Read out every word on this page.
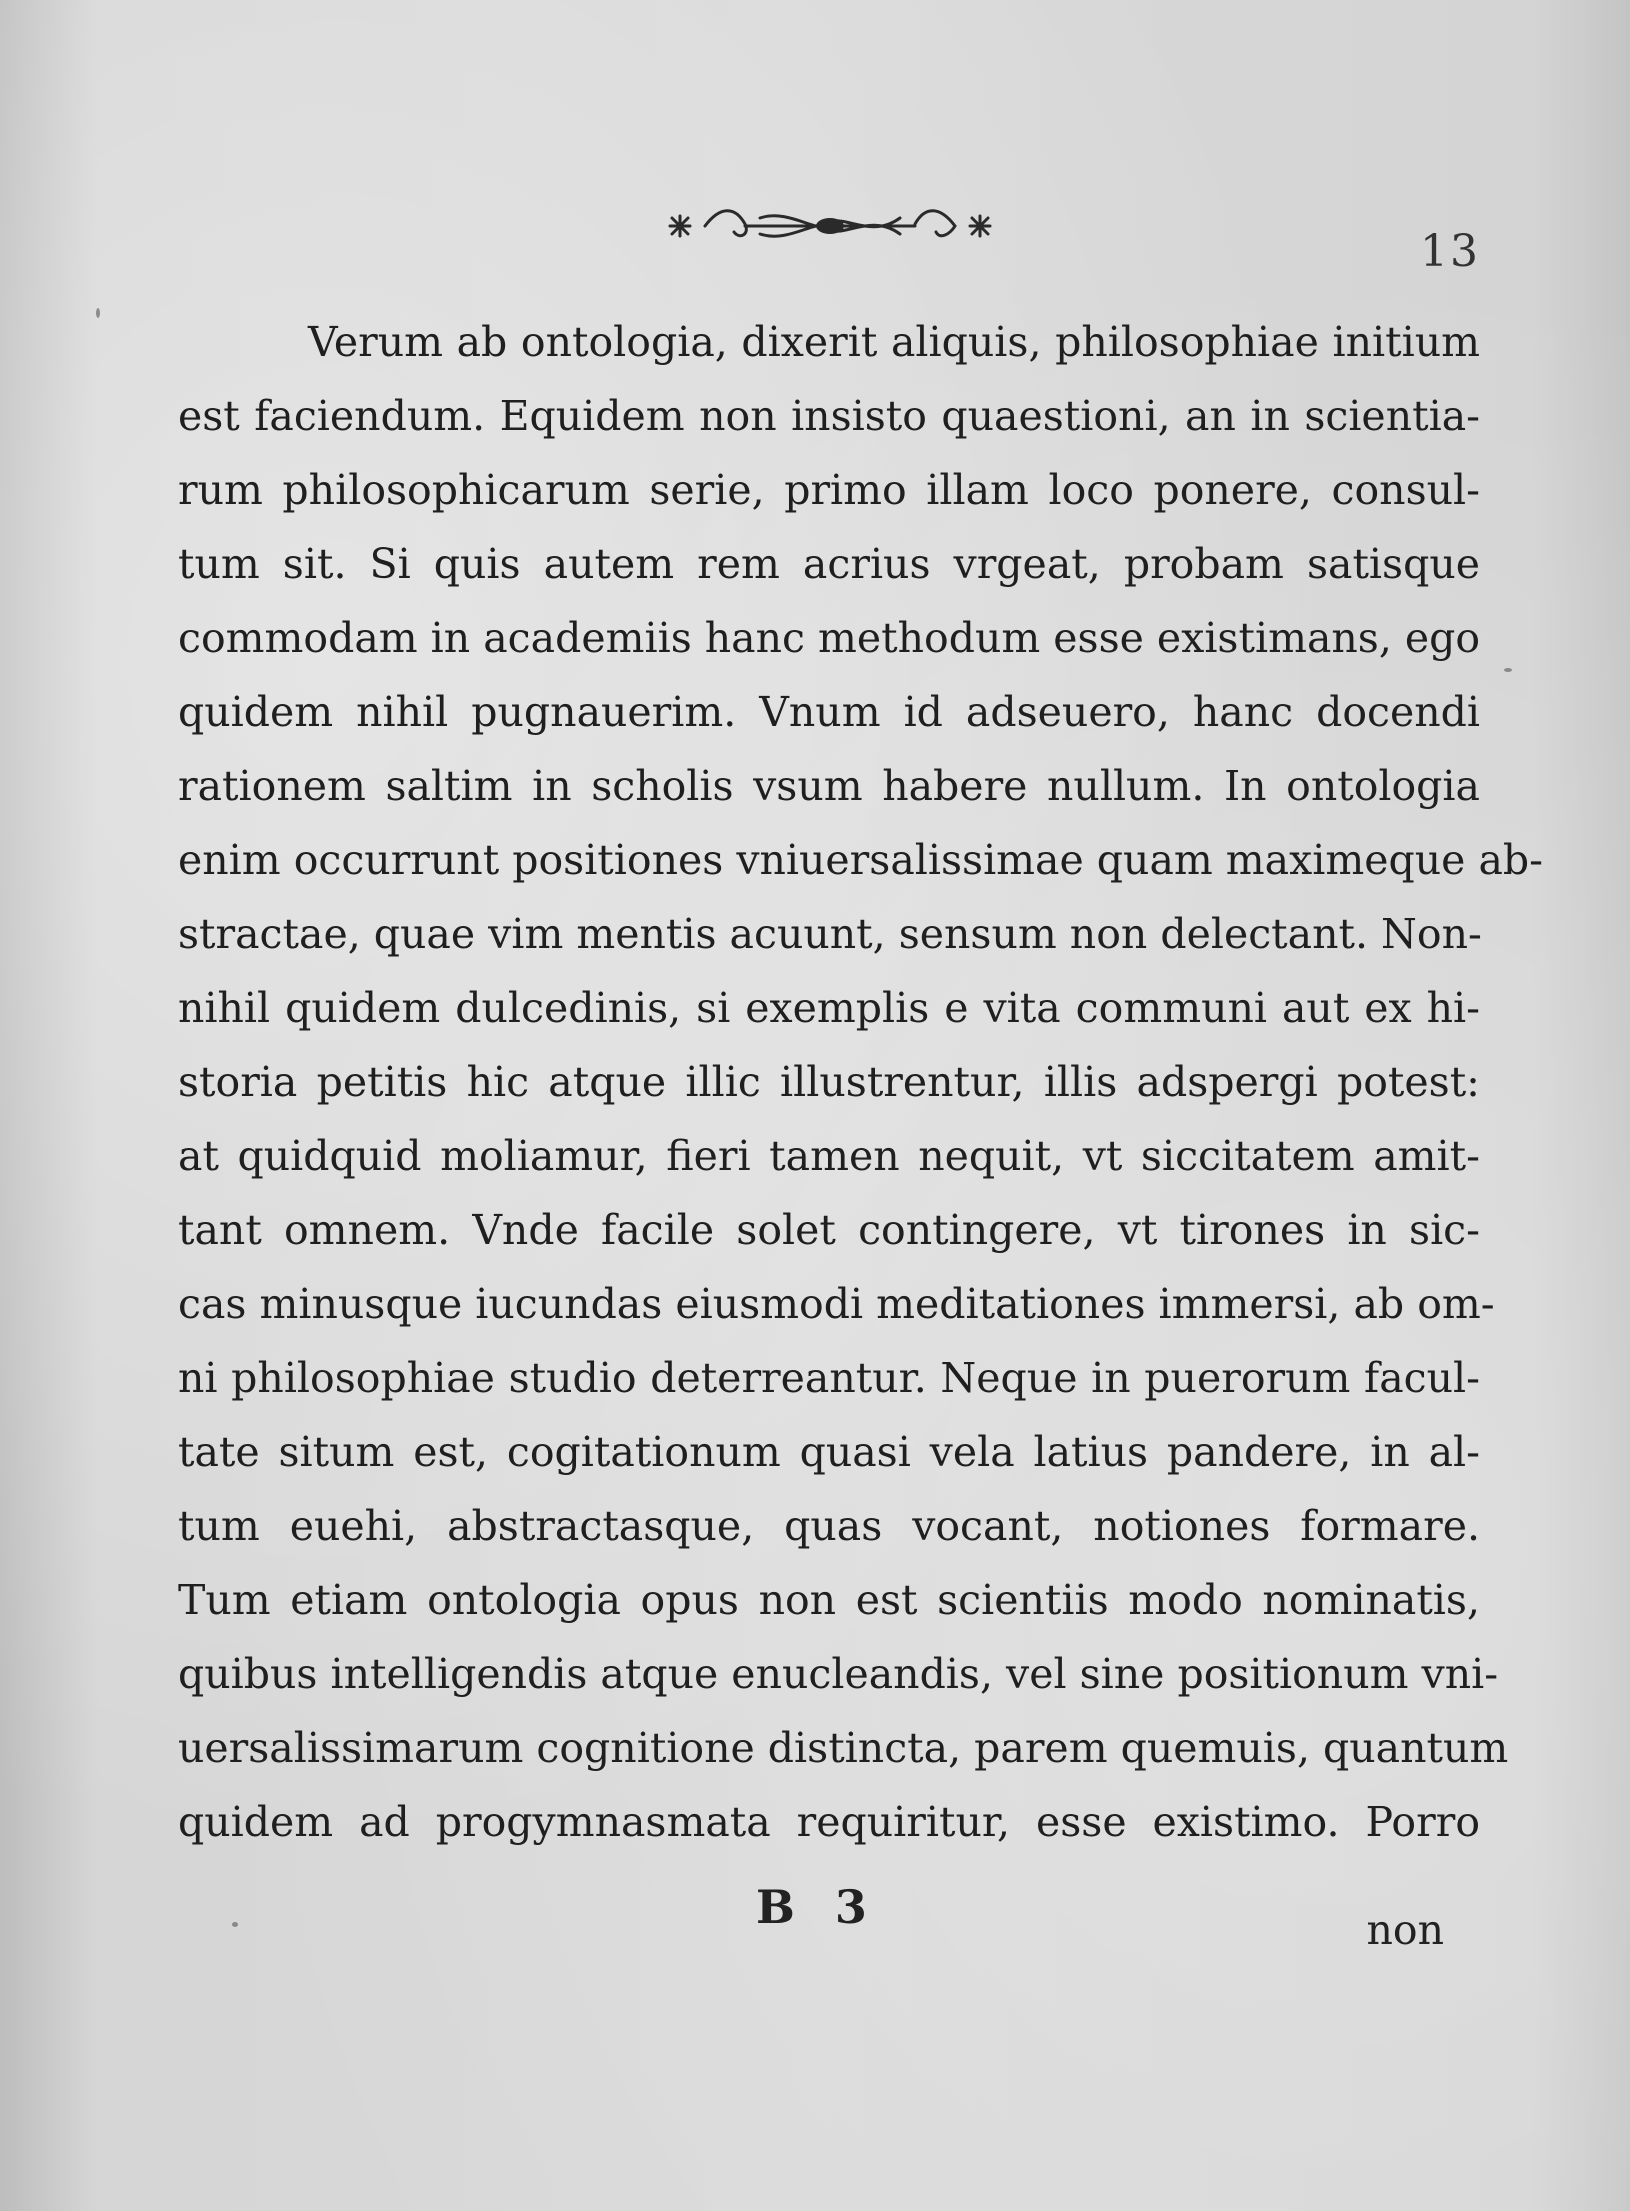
13
Verum ab ontologia, dixerit aliquis, philosophiae initium
est faciendum. Equidem non insisto quaestioni, an in scientia-
rum philosophicarum serie, primo illam loco ponere, consul-
tum sit. Si quis autem rem acrius vrgeat, probam satisque
commodam in academiis hanc methodum esse existimans, ego
quidem nihil pugnauerim. Vnum id adseuero, hanc docendi
rationem saltim in scholis vsum habere nullum. In ontologia
enim occurrunt positiones vniuersalissimae quam maximeque ab-
stractae, quae vim mentis acuunt, sensum non delectant. Non-
nihil quidem dulcedinis, si exemplis e vita communi aut ex hi-
storia petitis hic atque illic illustrentur, illis adspergi potest:
at quidquid moliamur, fieri tamen nequit, vt siccitatem amit-
tant omnem. Vnde facile solet contingere, vt tirones in sic-
cas minusque iucundas eiusmodi meditationes immersi, ab om-
ni philosophiae studio deterreantur. Neque in puerorum facul-
tate situm est, cogitationum quasi vela latius pandere, in al-
tum euehi, abstractasque, quas vocant, notiones formare.
Tum etiam ontologia opus non est scientiis modo nominatis,
quibus intelligendis atque enucleandis, vel sine positionum vni-
uersalissimarum cognitione distincta, parem quemuis, quantum
quidem ad progymnasmata requiritur, esse existimo. Porro
B 3	non
